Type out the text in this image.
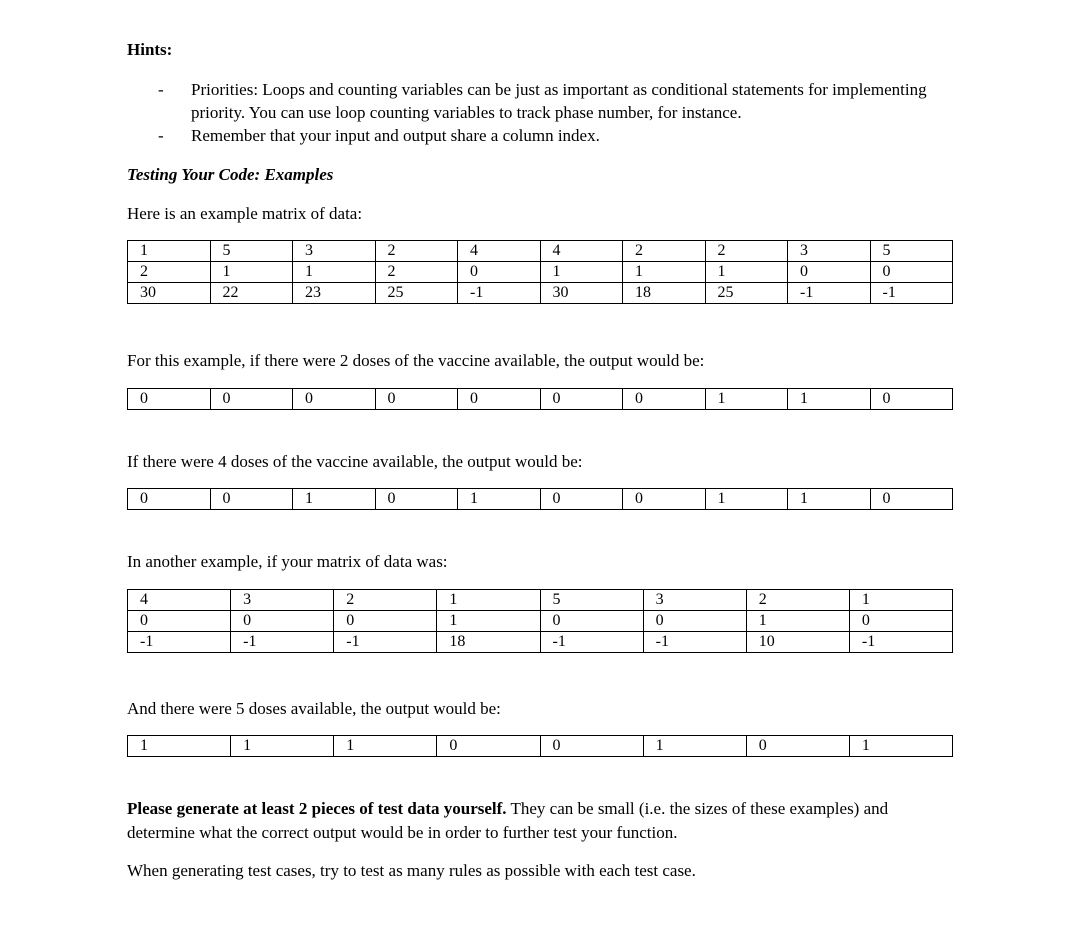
Hints:
- Priorities: Loops and counting variables can be just as important as conditional statements for implementing priority. You can use loop counting variables to track phase number, for instance.
- Remember that your input and output share a column index.
Testing Your Code: Examples
Here is an example matrix of data:
1	5	3	2	4	4	2	2	3	5
2	1	1	2	0	1	1	1	0	0
30	22	23	25	-1	30	18	25	-1	-1
For this example, if there were 2 doses of the vaccine available, the output would be:
0	0	0	0	0	0	0	1	1	0
If there were 4 doses of the vaccine available, the output would be:
0	0	1	0	1	0	0	1	1	0
In another example, if your matrix of data was:
4	3	2	1	5	3	2	1
0	0	0	1	0	0	1	0
-1	-1	-1	18	-1	-1	10	-1
And there were 5 doses available, the output would be:
1	1	1	0	0	1	0	1
Please generate at least 2 pieces of test data yourself. They can be small (i.e. the sizes of these examples) and determine what the correct output would be in order to further test your function.
When generating test cases, try to test as many rules as possible with each test case.
